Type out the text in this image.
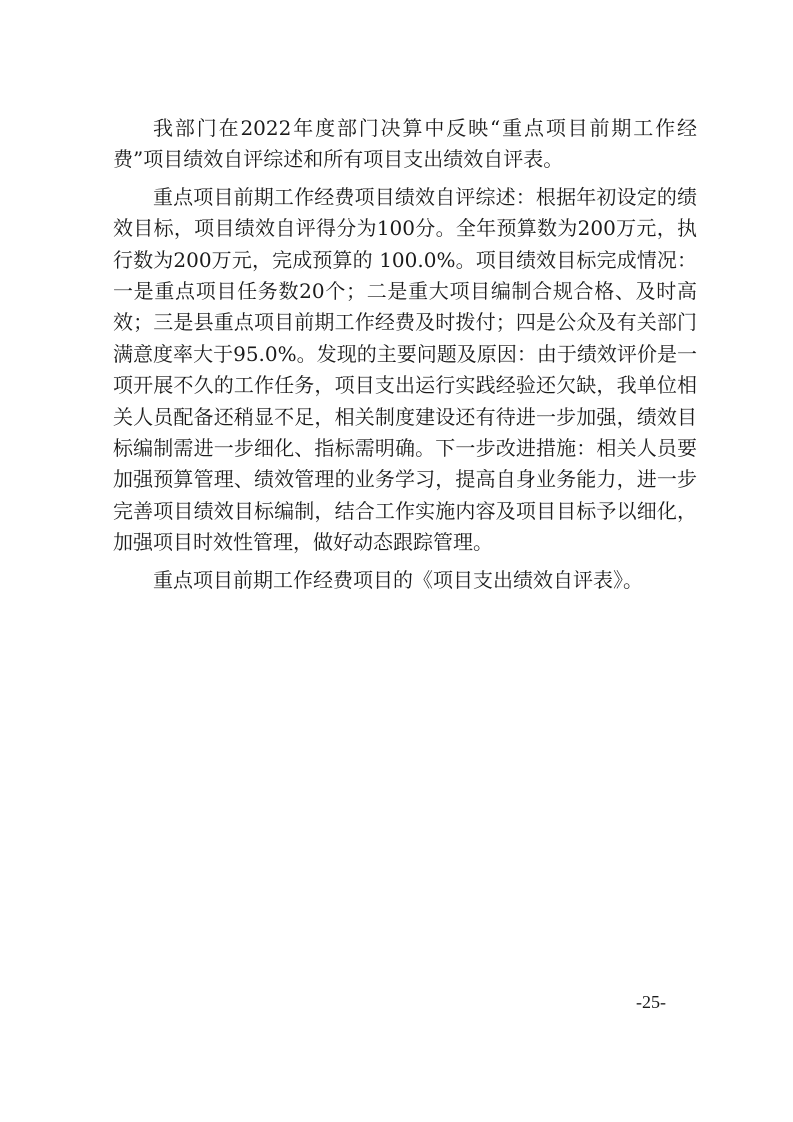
我部门在2022年度部门决算中反映“重点项目前期工作经费”项目绩效自评综述和所有项目支出绩效自评表。

重点项目前期工作经费项目绩效自评综述：根据年初设定的绩效目标，项目绩效自评得分为100分。全年预算数为200万元，执行数为200万元，完成预算的 100.0%。项目绩效目标完成情况：一是重点项目任务数20个；二是重大项目编制合规合格、及时高效；三是县重点项目前期工作经费及时拨付；四是公众及有关部门满意度率大于95.0%。发现的主要问题及原因：由于绩效评价是一项开展不久的工作任务，项目支出运行实践经验还欠缺，我单位相关人员配备还稍显不足，相关制度建设还有待进一步加强，绩效目标编制需进一步细化、指标需明确。下一步改进措施：相关人员要加强预算管理、绩效管理的业务学习，提高自身业务能力，进一步完善项目绩效目标编制，结合工作实施内容及项目目标予以细化，加强项目时效性管理，做好动态跟踪管理。

重点项目前期工作经费项目的《项目支出绩效自评表》。

-25-
